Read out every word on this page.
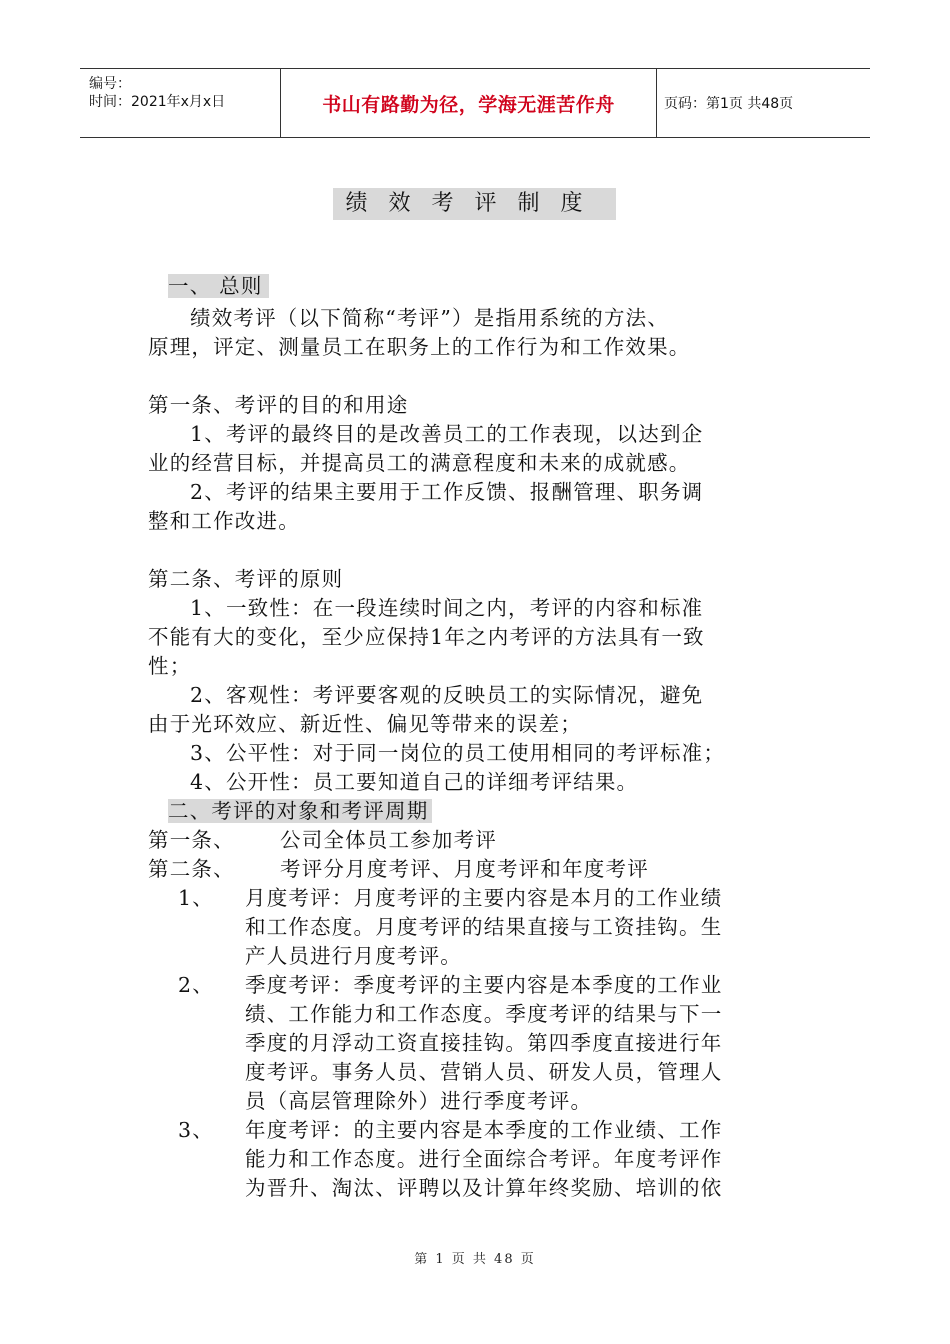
编号：
时间：2021年x月x日	书山有路勤为径，学海无涯苦作舟	页码：第1页 共48页
绩效考评制度
一、 总则
绩效考评（以下简称“考评”）是指用系统的方法、
原理，评定、测量员工在职务上的工作行为和工作效果。
第一条、考评的目的和用途
1、考评的最终目的是改善员工的工作表现，以达到企
业的经营目标，并提高员工的满意程度和未来的成就感。
2、考评的结果主要用于工作反馈、报酬管理、职务调
整和工作改进。
第二条、考评的原则
1、一致性：在一段连续时间之内，考评的内容和标准
不能有大的变化，至少应保持1年之内考评的方法具有一致
性；
2、客观性：考评要客观的反映员工的实际情况，避免
由于光环效应、新近性、偏见等带来的误差；
3、公平性：对于同一岗位的员工使用相同的考评标准；
4、公开性：员工要知道自己的详细考评结果。
二、考评的对象和考评周期
第一条、 公司全体员工参加考评
第二条、 考评分月度考评、月度考评和年度考评
1、 月度考评：月度考评的主要内容是本月的工作业绩
和工作态度。月度考评的结果直接与工资挂钩。生
产人员进行月度考评。
2、 季度考评：季度考评的主要内容是本季度的工作业
绩、工作能力和工作态度。季度考评的结果与下一
季度的月浮动工资直接挂钩。第四季度直接进行年
度考评。事务人员、营销人员、研发人员，管理人
员（高层管理除外）进行季度考评。
3、 年度考评：的主要内容是本季度的工作业绩、工作
能力和工作态度。进行全面综合考评。年度考评作
为晋升、淘汰、评聘以及计算年终奖励、培训的依
第 1 页 共 48 页
